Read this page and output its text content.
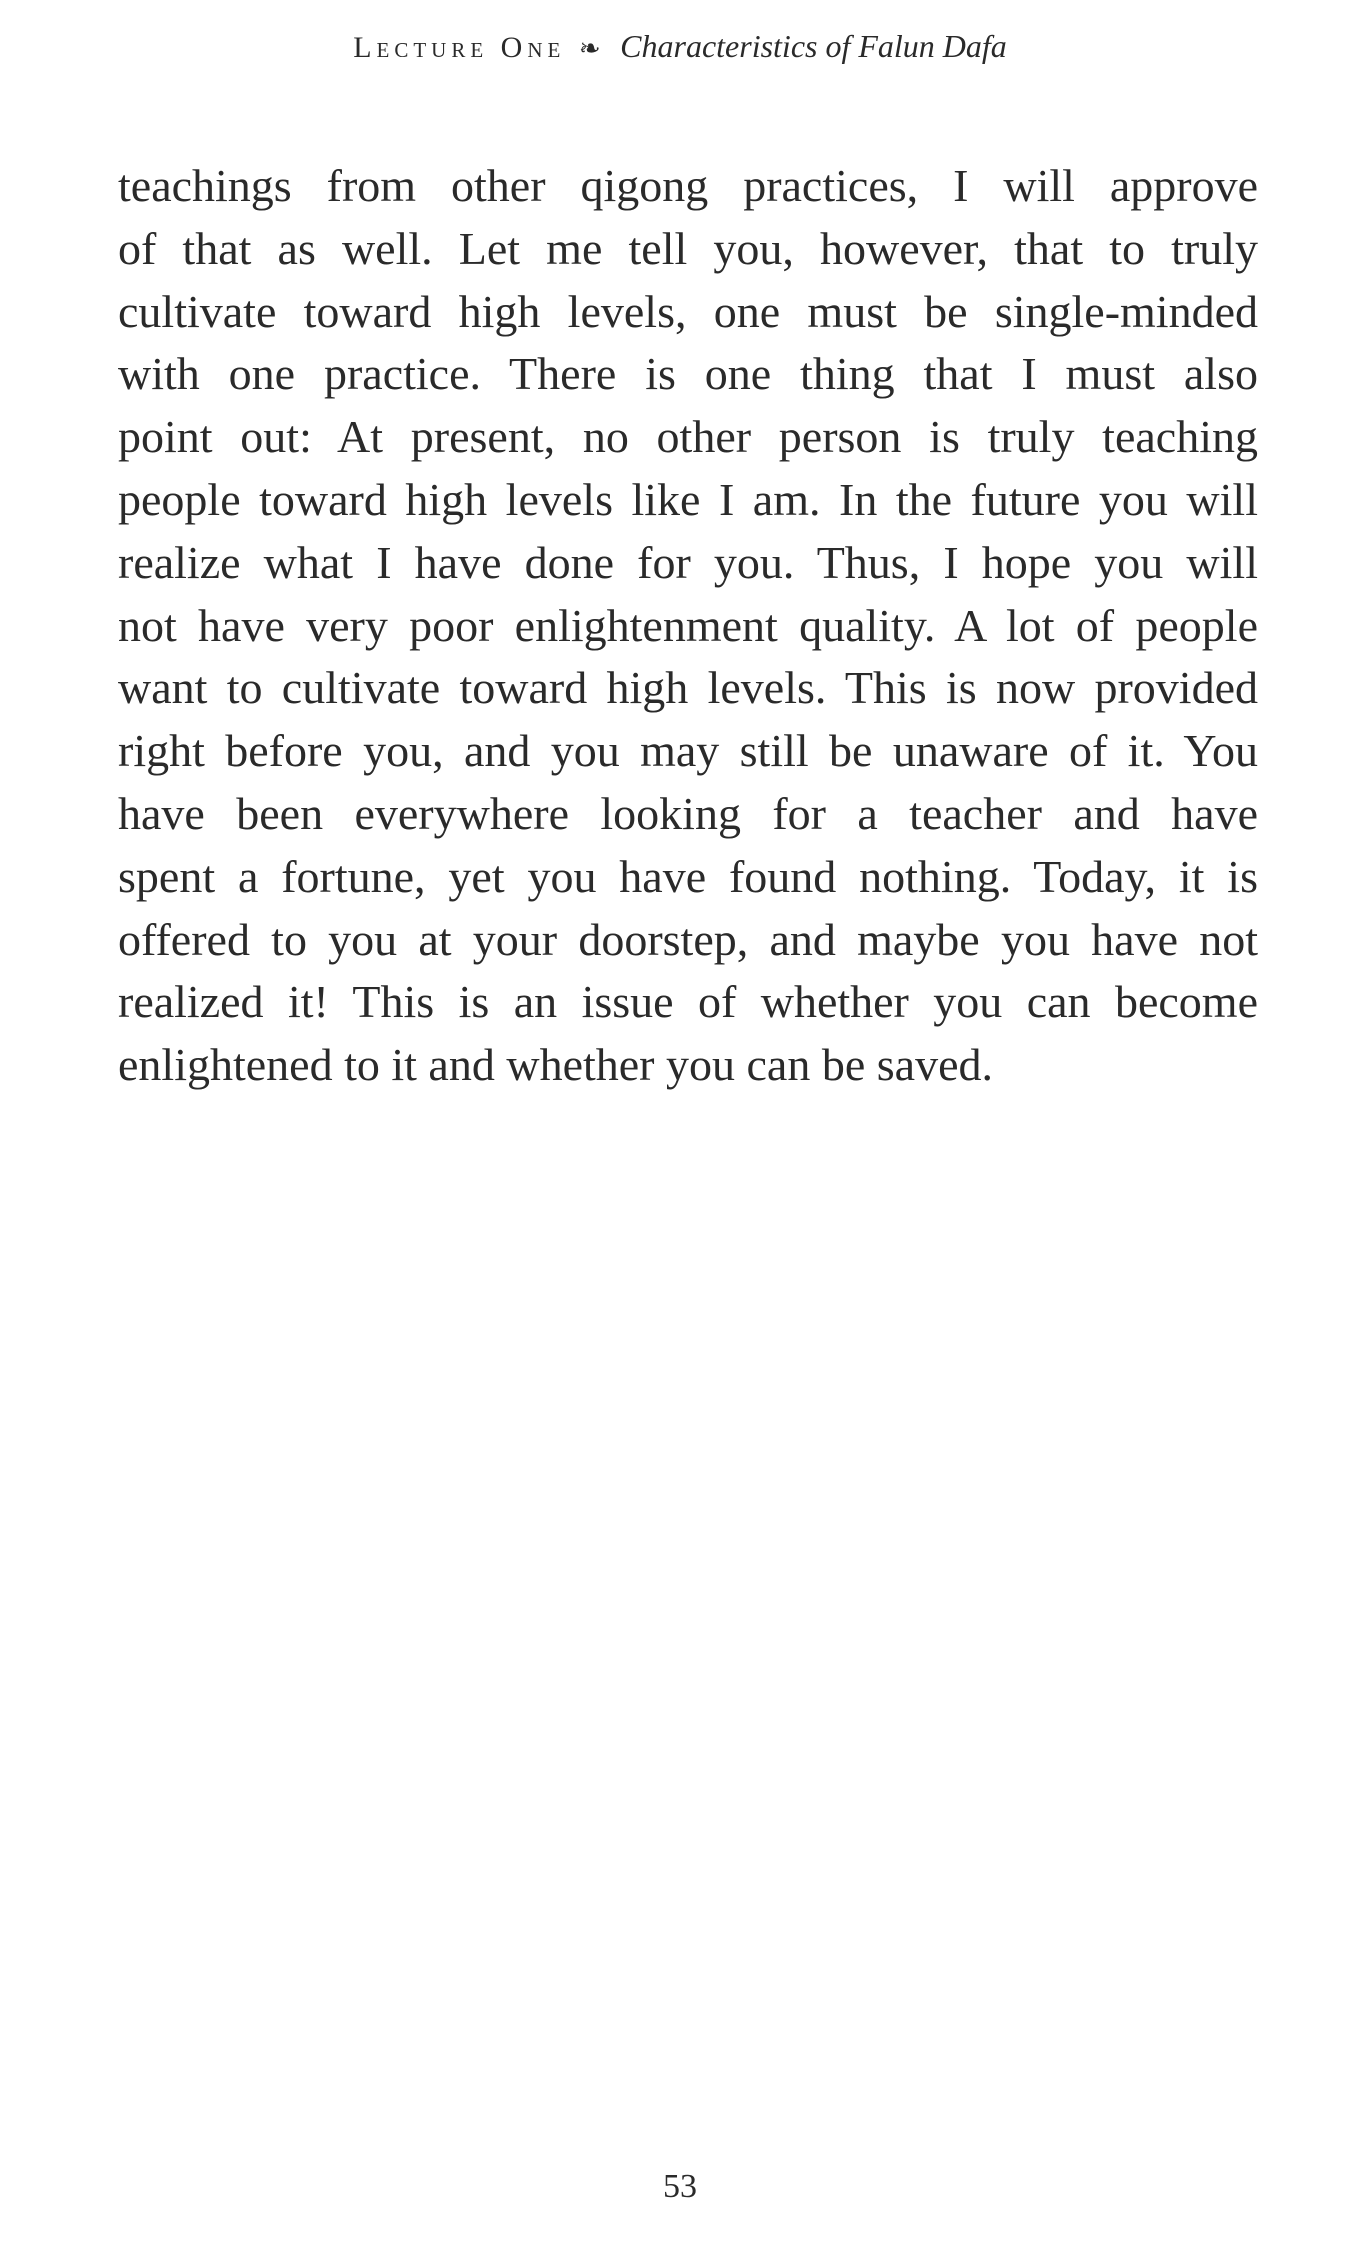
Lecture One ❧ Characteristics of Falun Dafa

teachings from other qigong practices, I will approve
of that as well. Let me tell you, however, that to truly
cultivate toward high levels, one must be single-minded
with one practice. There is one thing that I must also
point out: At present, no other person is truly teaching
people toward high levels like I am. In the future you will
realize what I have done for you. Thus, I hope you will
not have very poor enlightenment quality. A lot of people
want to cultivate toward high levels. This is now provided
right before you, and you may still be unaware of it. You
have been everywhere looking for a teacher and have
spent a fortune, yet you have found nothing. Today, it is
offered to you at your doorstep, and maybe you have not
realized it! This is an issue of whether you can become
enlightened to it and whether you can be saved.

53
